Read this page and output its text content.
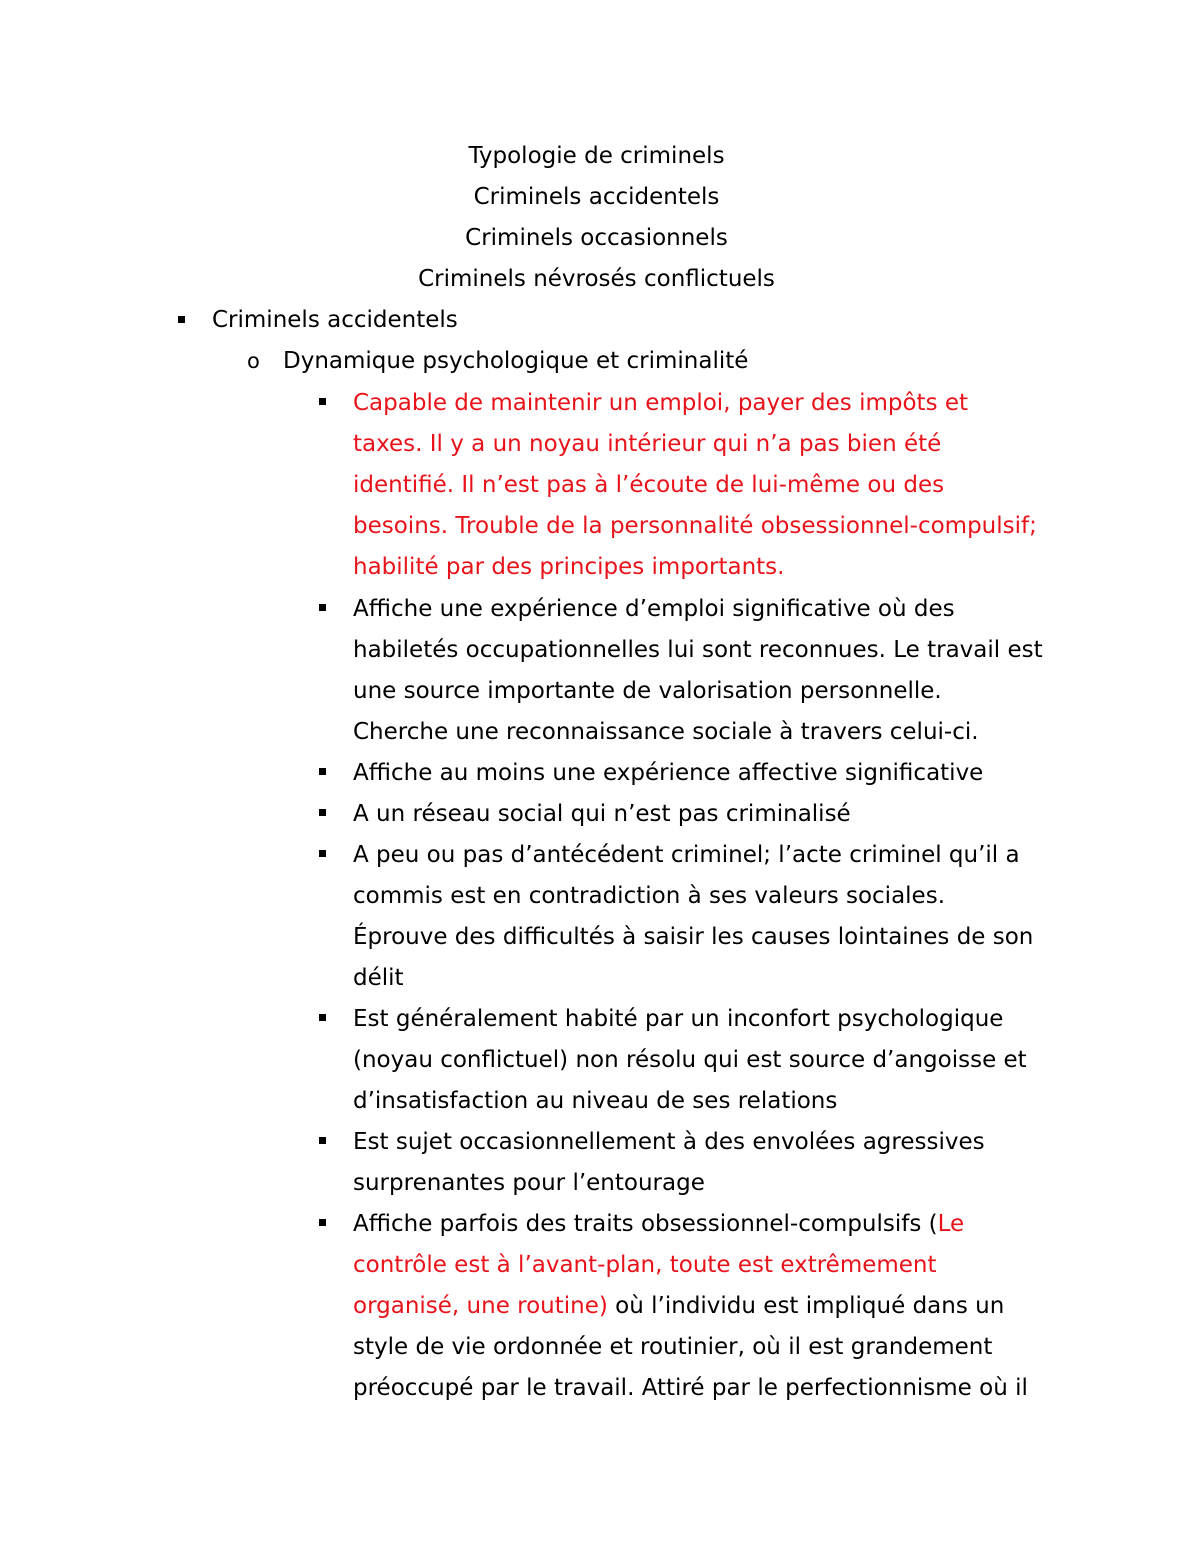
Typologie de criminels
Criminels accidentels
Criminels occasionnels
Criminels névrosés conflictuels
Criminels accidentels
o Dynamique psychologique et criminalité
Capable de maintenir un emploi, payer des impôts et
taxes. Il y a un noyau intérieur qui n’a pas bien été
identifié. Il n’est pas à l’écoute de lui-même ou des
besoins. Trouble de la personnalité obsessionnel-compulsif;
habilité par des principes importants.
Affiche une expérience d’emploi significative où des
habiletés occupationnelles lui sont reconnues. Le travail est
une source importante de valorisation personnelle.
Cherche une reconnaissance sociale à travers celui-ci.
Affiche au moins une expérience affective significative
A un réseau social qui n’est pas criminalisé
A peu ou pas d’antécédent criminel; l’acte criminel qu’il a
commis est en contradiction à ses valeurs sociales.
Éprouve des difficultés à saisir les causes lointaines de son
délit
Est généralement habité par un inconfort psychologique
(noyau conflictuel) non résolu qui est source d’angoisse et
d’insatisfaction au niveau de ses relations
Est sujet occasionnellement à des envolées agressives
surprenantes pour l’entourage
Affiche parfois des traits obsessionnel-compulsifs (Le
contrôle est à l’avant-plan, toute est extrêmement
organisé, une routine) où l’individu est impliqué dans un
style de vie ordonnée et routinier, où il est grandement
préoccupé par le travail. Attiré par le perfectionnisme où il
